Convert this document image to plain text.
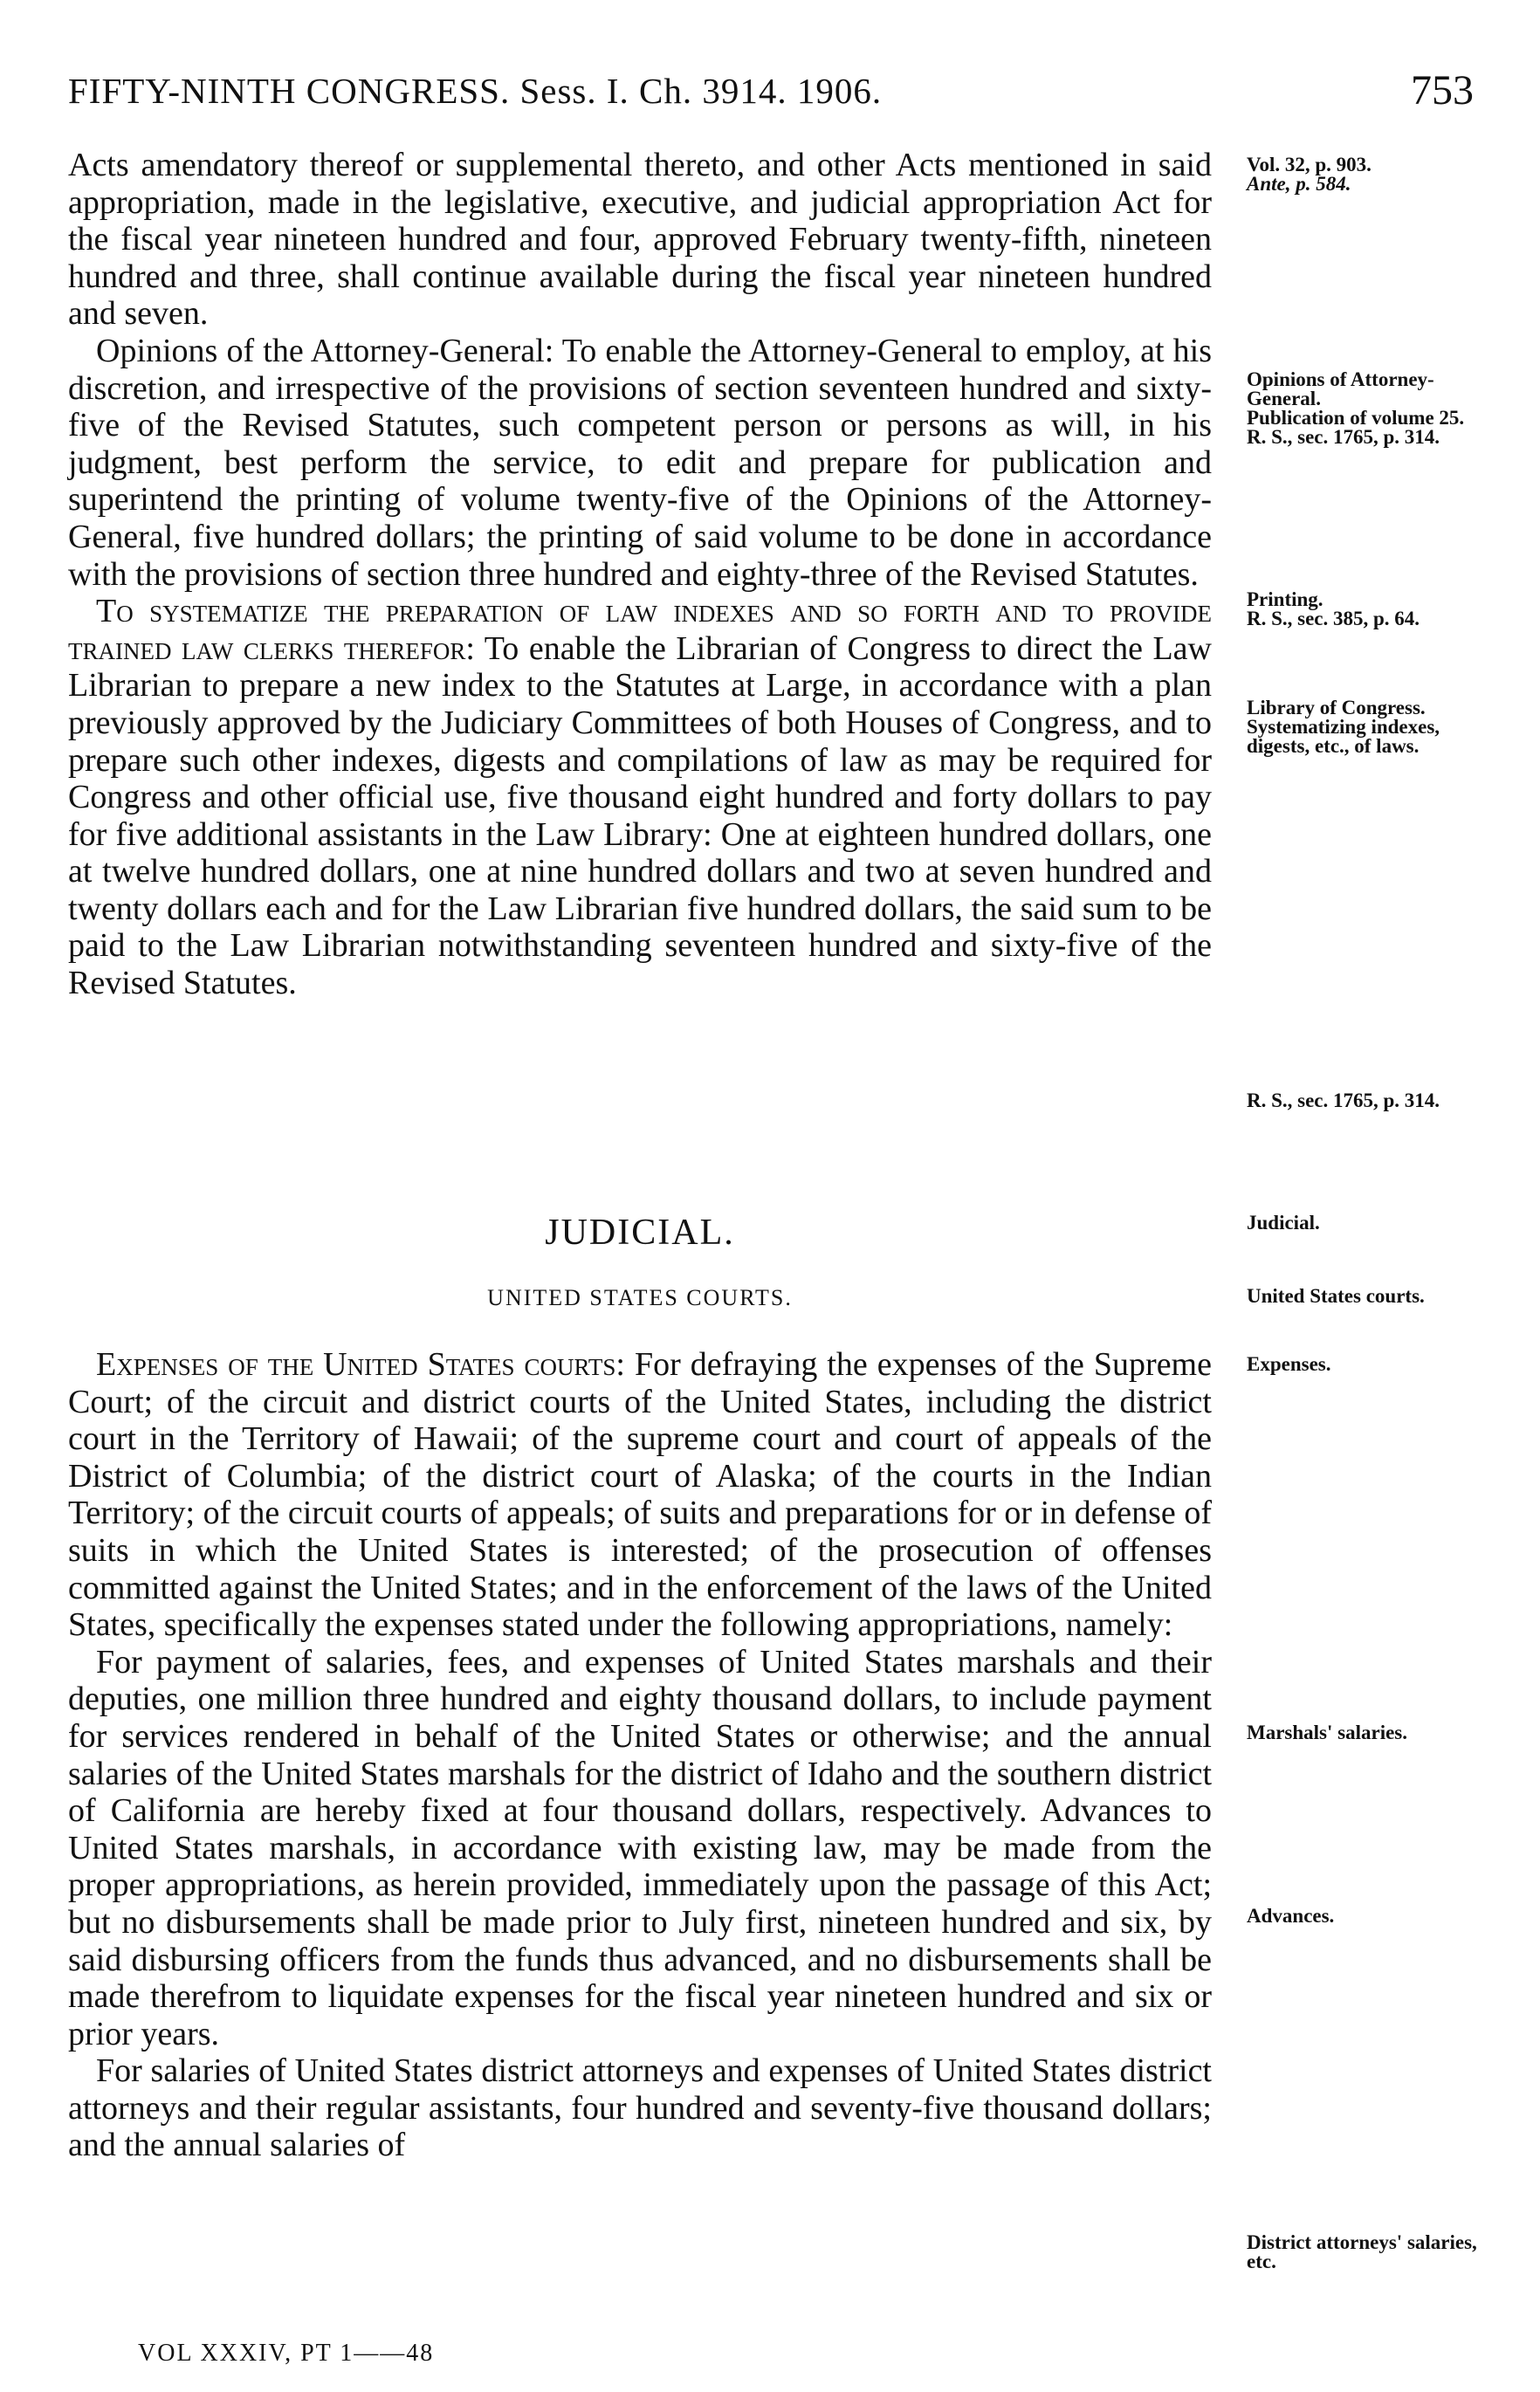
FIFTY-NINTH CONGRESS. Sess. I. Ch. 3914. 1906.	753

Acts amendatory thereof or supplemental thereto, and other Acts mentioned in said appropriation, made in the legislative, executive, and judicial appropriation Act for the fiscal year nineteen hundred and four, approved February twenty-fifth, nineteen hundred and three, shall continue available during the fiscal year nineteen hundred and seven.

Opinions of the Attorney-General: To enable the Attorney-General to employ, at his discretion, and irrespective of the provisions of section seventeen hundred and sixty-five of the Revised Statutes, such competent person or persons as will, in his judgment, best perform the service, to edit and prepare for publication and superintend the printing of volume twenty-five of the Opinions of the Attorney-General, five hundred dollars; the printing of said volume to be done in accordance with the provisions of section three hundred and eighty-three of the Revised Statutes.

To systematize the preparation of law indexes and so forth and to provide trained law clerks therefor: To enable the Librarian of Congress to direct the Law Librarian to prepare a new index to the Statutes at Large, in accordance with a plan previously approved by the Judiciary Committees of both Houses of Congress, and to prepare such other indexes, digests and compilations of law as may be required for Congress and other official use, five thousand eight hundred and forty dollars to pay for five additional assistants in the Law Library: One at eighteen hundred dollars, one at twelve hundred dollars, one at nine hundred dollars and two at seven hundred and twenty dollars each and for the Law Librarian five hundred dollars, the said sum to be paid to the Law Librarian notwithstanding seventeen hundred and sixty-five of the Revised Statutes.

JUDICIAL.
UNITED STATES COURTS.

Expenses of the United States courts: For defraying the expenses of the Supreme Court; of the circuit and district courts of the United States, including the district court in the Territory of Hawaii; of the supreme court and court of appeals of the District of Columbia; of the district court of Alaska; of the courts in the Indian Territory; of the circuit courts of appeals; of suits and preparations for or in defense of suits in which the United States is interested; of the prosecution of offenses committed against the United States; and in the enforcement of the laws of the United States, specifically the expenses stated under the following appropriations, namely:

For payment of salaries, fees, and expenses of United States marshals and their deputies, one million three hundred and eighty thousand dollars, to include payment for services rendered in behalf of the United States or otherwise; and the annual salaries of the United States marshals for the district of Idaho and the southern district of California are hereby fixed at four thousand dollars, respectively. Advances to United States marshals, in accordance with existing law, may be made from the proper appropriations, as herein provided, immediately upon the passage of this Act; but no disbursements shall be made prior to July first, nineteen hundred and six, by said disbursing officers from the funds thus advanced, and no disbursements shall be made therefrom to liquidate expenses for the fiscal year nineteen hundred and six or prior years.

For salaries of United States district attorneys and expenses of United States district attorneys and their regular assistants, four hundred and seventy-five thousand dollars; and the annual salaries of

Vol. 32, p. 903.
Ante, p. 584.
Opinions of Attorney-General.
Publication of volume 25.
R. S., sec. 1765, p. 314.
Printing.
R. S., sec. 385, p. 64.
Library of Congress.
Systematizing indexes, digests, etc., of laws.
R. S., sec. 1765, p. 314.
Judicial.
United States courts.
Expenses.
Marshals' salaries.
Advances.
District attorneys' salaries, etc.
VOL XXXIV, PT 1——48
